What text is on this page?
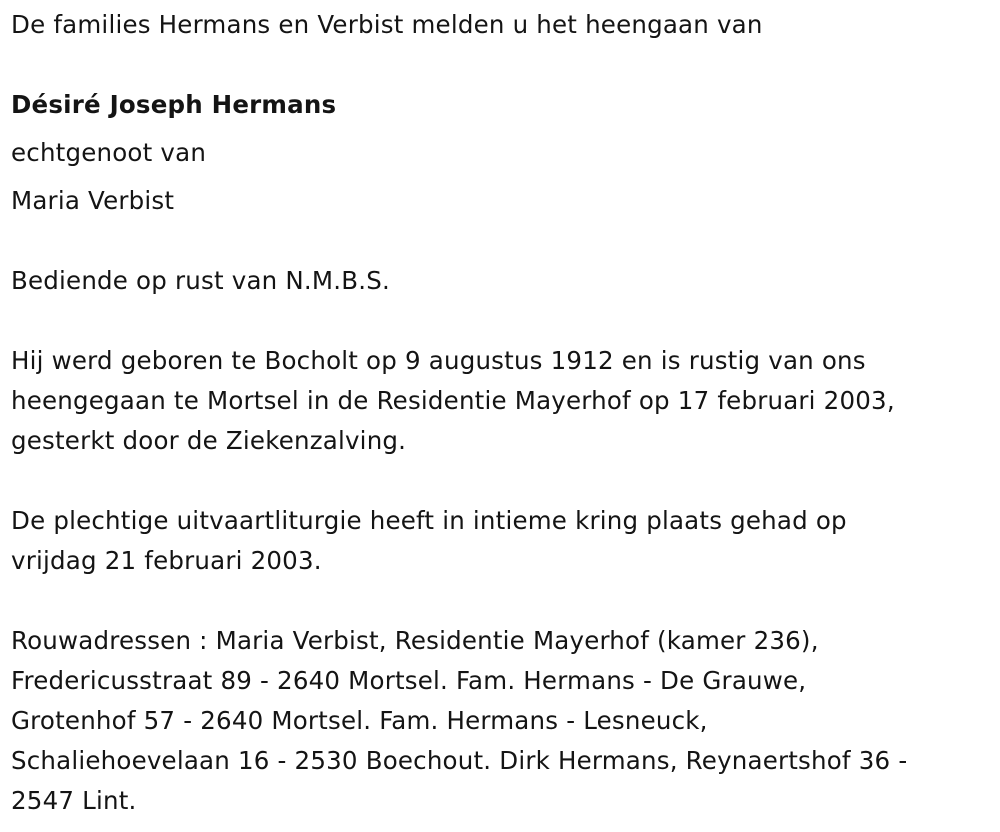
De families Hermans en Verbist melden u het heengaan van
Désiré Joseph Hermans
echtgenoot van
Maria Verbist
Bediende op rust van N.M.B.S.
Hij werd geboren te Bocholt op 9 augustus 1912 en is rustig van ons
heengegaan te Mortsel in de Residentie Mayerhof op 17 februari 2003,
gesterkt door de Ziekenzalving.
De plechtige uitvaartliturgie heeft in intieme kring plaats gehad op
vrijdag 21 februari 2003.
Rouwadressen : Maria Verbist, Residentie Mayerhof (kamer 236),
Fredericusstraat 89 - 2640 Mortsel. Fam. Hermans - De Grauwe,
Grotenhof 57 - 2640 Mortsel. Fam. Hermans - Lesneuck,
Schaliehoevelaan 16 - 2530 Boechout. Dirk Hermans, Reynaertshof 36 -
2547 Lint.
